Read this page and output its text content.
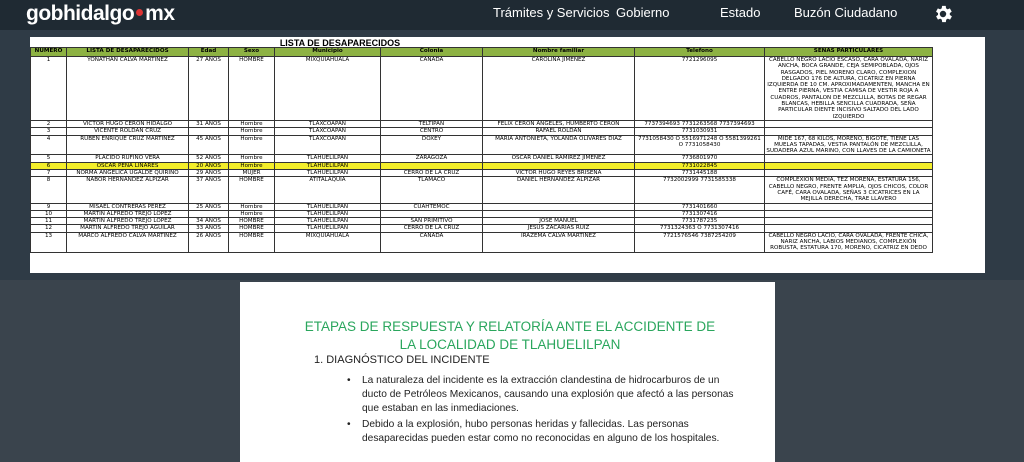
gobhidalgo mx	Trámites y Servicios Gobierno	Estado	Buzón Ciudadano
LISTA DE DESAPARECIDOS
NUMERO	LISTA DE DESAPARECIDOS	Edad	Sexo	Municipio	Colonia	Nombre familiar	Telefono	SEÑAS PARTICULARES
1	YONATHAN CALVA MARTINEZ	27 AÑOS	HOMBRE	MIXQUIAHUALA	CAÑADA	CAROLINA JIMENEZ	7721296095	CABELLO NEGRO LACIO ESCASO, CARA OVALADA, NARIZ ANCHA, BOCA GRANDE, CEJA SEMIPOBLADA, OJOS RASGADOS, PIEL MORENO CLARO, COMPLEXION DELGADO 176 DE ALTURA, CICATRIZ EN PIERNA IZQUIERDA DE 10 CM. APROXIMADAMENTEN, MANCHA EN ENTRE PIERNA, VESTIA CAMISA DE VESTIR ROJA A CUADROS, PANTALON DE MEZCLILLA, BOTAS DE REGAR BLANCAS, HEBILLA SENCILLA CUADRADA, SEÑA PARTICULAR DIENTE INCISIVO SALTADO DEL LADO IZQUIERDO
2	VICTOR HUGO CERON HIDALGO	31 AÑOS	Hombre	TLAXCOAPAN	TELTIPAN	FELIX CERON ANGELES, HUMBERTO CERON	7737394693 7731263568 7737394693	
3	VICENTE ROLDAN CRUZ		Hombre	TLAXCOAPAN	CENTRO	RAFAEL ROLDAN	7731030931	
4	RUBEN ENRIQUE CRUZ MARTINEZ	45 AÑOS	Hombre	TLAXCOAPAN	DOXEY	MARIA ANTONIETA, YOLANDA OLIVARES DIAZ	7731058430 O 5516971248 O 5581399261 O 7731058430	MIDE 167, 68 KILOS, MORENO, BIGOTE, TIENE LAS MUELAS TAPADAS, VESTIA PANTALÓN DE MEZCLILLA, SUDADERA AZUL MARINO, CON LLAVES DE LA CAMIONETA
5	PLACIDO RUFINO VERA	52 AÑOS	Hombre	TLAHUELILPAN	ZARAGOZA	OSCAR DANIEL RAMIREZ JIMENEZ	7736801970	
6	OSCAR PEÑA LINARES	20 AÑOS	Hombre	TLAHUELILPAN			7731022845	
7	NORMA ANGELICA UGALDE QUIRINO	29 AÑOS	MUJER	TLAHUELILPAN	CERRO DE LA CRUZ	VICTOR HUGO REYES BRISEÑA	7731445188	
8	NABOR HERNANDEZ ALPIZAR	37 AÑOS	HOMBRE	ATITALAQUIA	TLAMACO	DANIEL HERNANDEZ ALPIZAR	7732002999 7731585338	COMPLEXION MEDIA, TEZ MORENA, ESTATURA 156, CABELLO NEGRO, FRENTE AMPLIA, OJOS CHICOS, COLOR CAFÉ, CARA OVALADA, SEÑAS 3 CICATRICES EN LA MEJILLA DERECHA, TRAE LLAVERO
9	MISAEL CONTRERAS PEREZ	25 AÑOS	Hombre	TLAHUELILPAN	CUAHTEMOC		7731401660	
10	MARTIN ALFREDO TREJO LOPEZ		Hombre	TLAHUELILPAN			7731307416	
11	MARTIN ALFREDO TREJO LOPEZ	34 AÑOS	HOMBRE	TLAHUELILPAN	SAN PRIMITIVO	JOSE MANUEL	7731787235	
12	MARTIN ALFREDO TREJO AGUILAR	33 AÑOS	HOMBRE	TLAHUELILPAN	CERRO DE LA CRUZ	JESUS ZACARIAS RUIZ	7731324363 O 7731307416	
13	MARCO ALFREDO CALVA MARTINEZ	26 AÑOS	HOMBRE	MIXQUIAHUALA	CAÑADA	IRAZEMA CALVA MARTINEZ	7721576546 7387254209	CABELLO NEGRO LACIO, CARA OVALADA, FRENTE CHICA, NARIZ ANCHA, LABIOS MEDIANOS, COMPLEXIÓN ROBUSTA, ESTATURA 170, MORENO, CICATRIZ EN DEDO
ETAPAS DE RESPUESTA Y RELATORÍA ANTE EL ACCIDENTE DE
LA LOCALIDAD DE TLAHUELILPAN
1. DIAGNÓSTICO DEL INCIDENTE
• La naturaleza del incidente es la extracción clandestina de hidrocarburos de un ducto de Petróleos Mexicanos, causando una explosión que afectó a las personas que estaban en las inmediaciones.
• Debido a la explosión, hubo personas heridas y fallecidas. Las personas desaparecidas pueden estar como no reconocidas en alguno de los hospitales.
